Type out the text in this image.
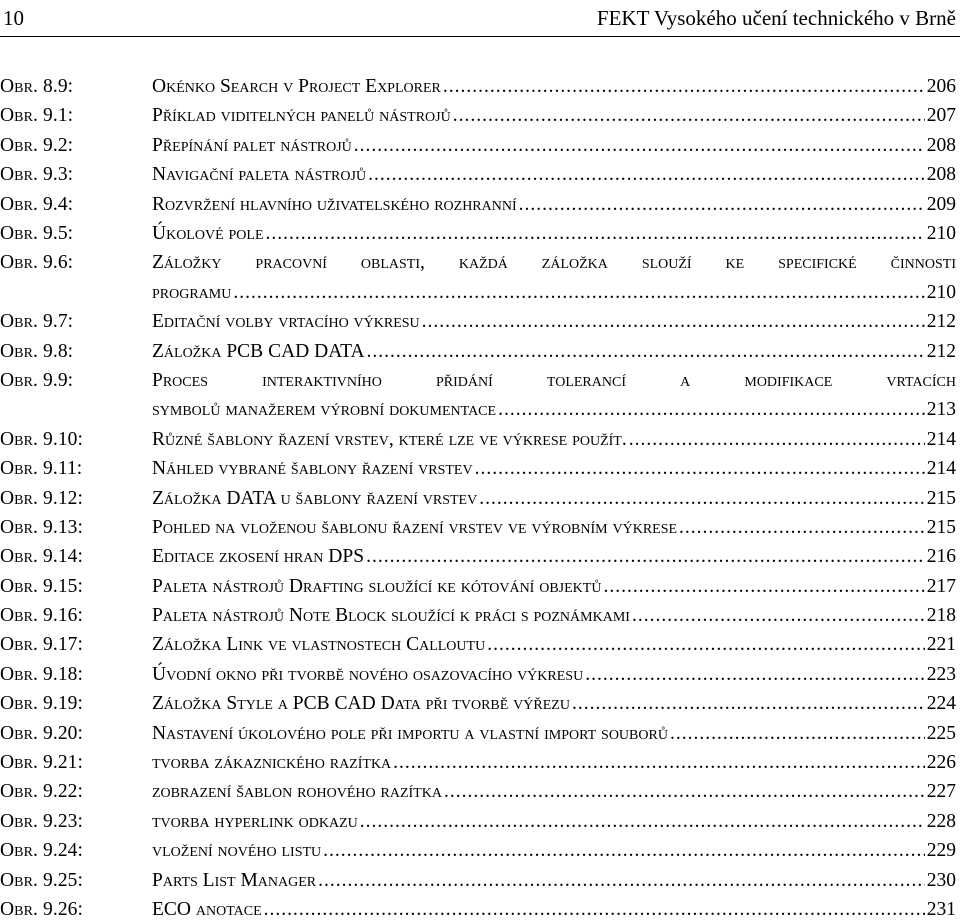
10	FEKT Vysokého učení technického v Brně
Obr. 8.9:	Okénko Search v Project Explorer .....	206
Obr. 9.1:	Příklad viditelných panelů nástrojů .....	207
Obr. 9.2:	Přepínání palet nástrojů .....	208
Obr. 9.3:	Navigační paleta nástrojů .....	208
Obr. 9.4:	Rozvržení hlavního uživatelského rozhranní .....	209
Obr. 9.5:	Úkolové pole .....	210
Obr. 9.6:	Záložky pracovní oblasti, každá záložka slouží ke specifické činnosti
programu .....	210
Obr. 9.7:	Editační volby vrtacího výkresu .....	212
Obr. 9.8:	Záložka PCB CAD DATA .....	212
Obr. 9.9:	Proces interaktivního přidání tolerancí a modifikace vrtacích
symbolů manažerem výrobní dokumentace .....	213
Obr. 9.10:	Různé šablony řazení vrstev, které lze ve výkrese použít. .....	214
Obr. 9.11:	Náhled vybrané šablony řazení vrstev .....	214
Obr. 9.12:	Záložka DATA u šablony řazení vrstev .....	215
Obr. 9.13:	Pohled na vloženou šablonu řazení vrstev ve výrobním výkrese .....	215
Obr. 9.14:	Editace zkosení hran DPS .....	216
Obr. 9.15:	Paleta nástrojů Drafting sloužící ke kótování objektů .....	217
Obr. 9.16:	Paleta nástrojů Note Block sloužící k práci s poznámkami .....	218
Obr. 9.17:	Záložka Link ve vlastnostech Calloutu .....	221
Obr. 9.18:	Úvodní okno při tvorbě nového osazovacího výkresu .....	223
Obr. 9.19:	Záložka Style a PCB CAD Data při tvorbě výřezu .....	224
Obr. 9.20:	Nastavení úkolového pole při importu a vlastní import souborů .....	225
Obr. 9.21:	tvorba zákaznického razítka .....	226
Obr. 9.22:	zobrazení šablon rohového razítka .....	227
Obr. 9.23:	tvorba hyperlink odkazu .....	228
Obr. 9.24:	vložení nového listu .....	229
Obr. 9.25:	Parts List Manager .....	230
Obr. 9.26:	ECO anotace .....	231
